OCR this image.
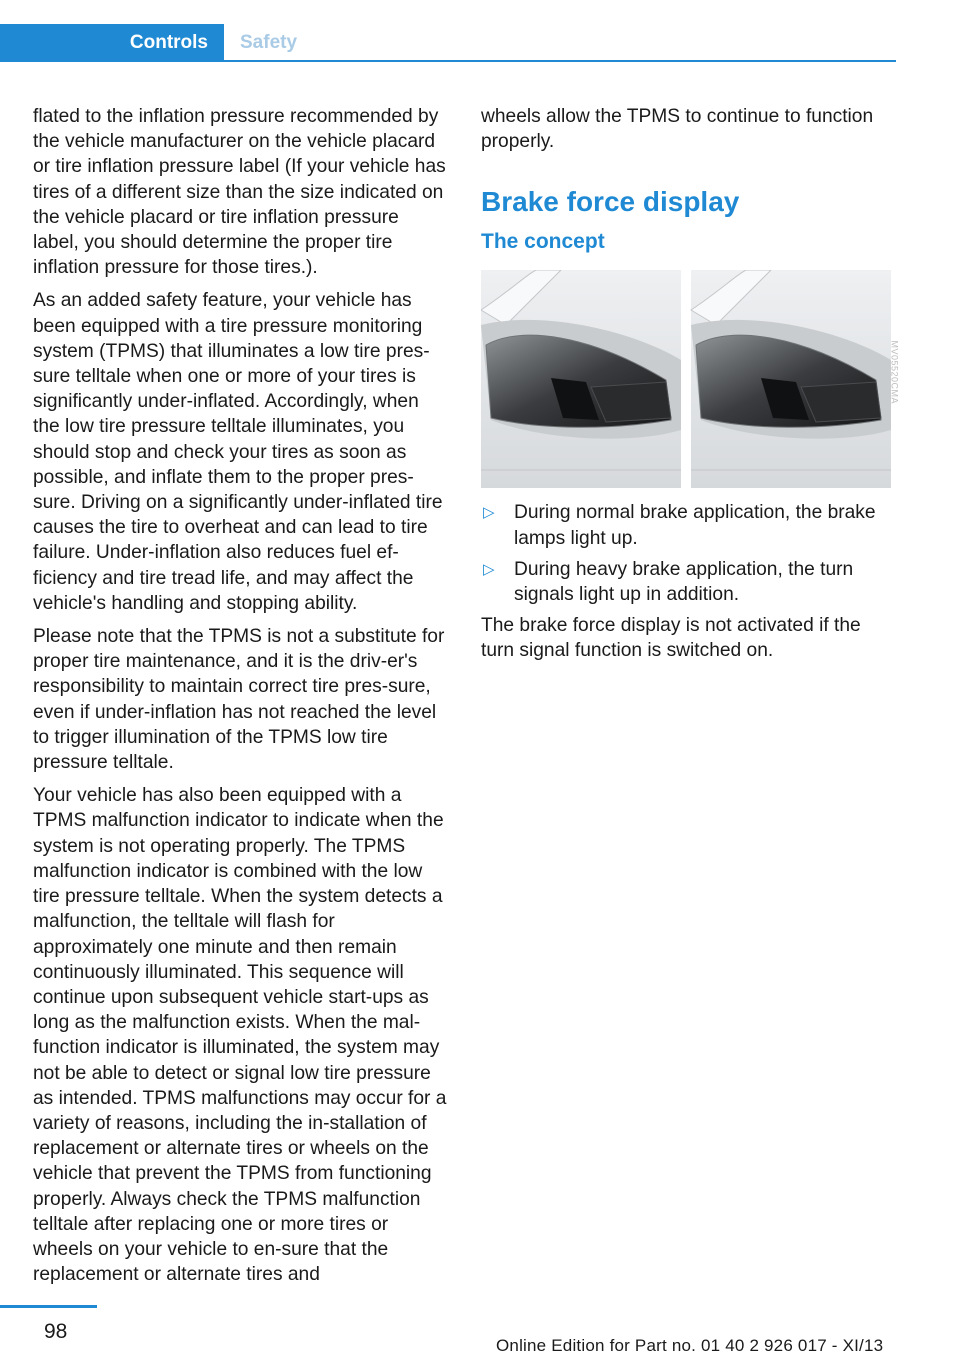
Controls	Safety

flated to the inflation pressure recommended by the vehicle manufacturer on the vehicle placard or tire inflation pressure label (If your vehicle has tires of a different size than the size indicated on the vehicle placard or tire inflation pressure label, you should determine the proper tire inflation pressure for those tires.).

As an added safety feature, your vehicle has been equipped with a tire pressure monitoring system (TPMS) that illuminates a low tire pres‐sure telltale when one or more of your tires is significantly under-inflated. Accordingly, when the low tire pressure telltale illuminates, you should stop and check your tires as soon as possible, and inflate them to the proper pres‐sure. Driving on a significantly under-inflated tire causes the tire to overheat and can lead to tire failure. Under-inflation also reduces fuel ef‐ficiency and tire tread life, and may affect the vehicle's handling and stopping ability.

Please note that the TPMS is not a substitute for proper tire maintenance, and it is the driv‐er's responsibility to maintain correct tire pres‐sure, even if under-inflation has not reached the level to trigger illumination of the TPMS low tire pressure telltale.

Your vehicle has also been equipped with a TPMS malfunction indicator to indicate when the system is not operating properly. The TPMS malfunction indicator is combined with the low tire pressure telltale. When the system detects a malfunction, the telltale will flash for approximately one minute and then remain continuously illuminated. This sequence will continue upon subsequent vehicle start-ups as long as the malfunction exists. When the mal‐function indicator is illuminated, the system may not be able to detect or signal low tire pressure as intended. TPMS malfunctions may occur for a variety of reasons, including the in‐stallation of replacement or alternate tires or wheels on the vehicle that prevent the TPMS from functioning properly. Always check the TPMS malfunction telltale after replacing one or more tires or wheels on your vehicle to en‐sure that the replacement or alternate tires and

wheels allow the TPMS to continue to function properly.

Brake force display
The concept
MV05520CMA
▷	During normal brake application, the brake lamps light up.
▷	During heavy brake application, the turn signals light up in addition.

The brake force display is not activated if the turn signal function is switched on.

98
Online Edition for Part no. 01 40 2 926 017 - XI/13
